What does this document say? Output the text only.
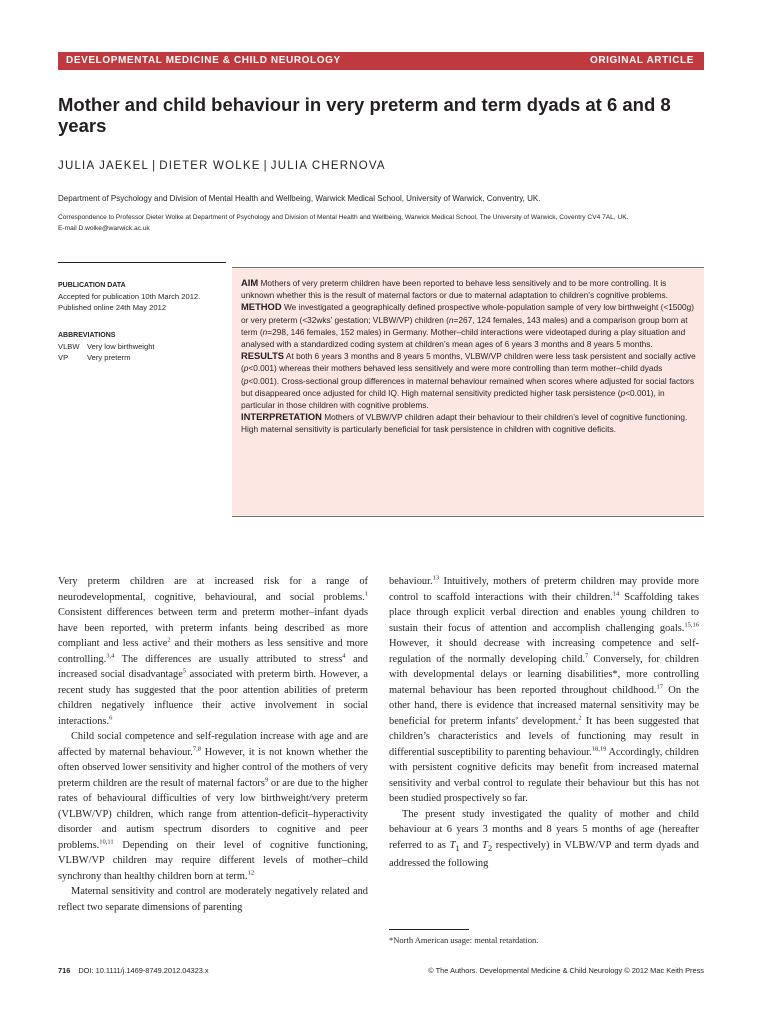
DEVELOPMENTAL MEDICINE & CHILD NEUROLOGY	ORIGINAL ARTICLE
Mother and child behaviour in very preterm and term dyads at 6 and 8 years
JULIA JAEKEL | DIETER WOLKE | JULIA CHERNOVA
Department of Psychology and Division of Mental Health and Wellbeing, Warwick Medical School, University of Warwick, Conventry, UK.
Correspondence to Professor Dieter Wolke at Department of Psychology and Division of Mental Health and Wellbeing, Warwick Medical School, The University of Warwick, Coventry CV4 7AL, UK.
E-mail D.wolke@warwick.ac.uk
PUBLICATION DATA
Accepted for publication 10th March 2012.
Published online 24th May 2012
ABBREVIATIONS
VLBW Very low birthweight
VP Very preterm

AIM Mothers of very preterm children have been reported to behave less sensitively and to be more controlling. It is unknown whether this is the result of maternal factors or due to maternal adaptation to children’s cognitive problems.

METHOD We investigated a geographically defined prospective whole-population sample of very low birthweight (<1500g) or very preterm (<32wks’ gestation; VLBW/VP) children (n=267, 124 females, 143 males) and a comparison group born at term (n=298, 146 females, 152 males) in Germany. Mother–child interactions were videotaped during a play situation and analysed with a standardized coding system at children’s mean ages of 6 years 3 months and 8 years 5 months.

RESULTS At both 6 years 3 months and 8 years 5 months, VLBW/VP children were less task persistent and socially active (p<0.001) whereas their mothers behaved less sensitively and were more controlling than term mother–child dyads (p<0.001). Cross-sectional group differences in maternal behaviour remained when scores where adjusted for social factors but disappeared once adjusted for child IQ. High maternal sensitivity predicted higher task persistence (p<0.001), in particular in those children with cognitive problems.

INTERPRETATION Mothers of VLBW/VP children adapt their behaviour to their children’s level of cognitive functioning. High maternal sensitivity is particularly beneficial for task persistence in children with cognitive deficits.

Very preterm children are at increased risk for a range of neurodevelopmental, cognitive, behavioural, and social problems.$^1$ Consistent differences between term and preterm mother–infant dyads have been reported, with preterm infants being described as more compliant and less active$^2$ and their mothers as less sensitive and more controlling.$^{3,4}$ The differences are usually attributed to stress$^4$ and increased social disadvantage$^5$ associated with preterm birth. However, a recent study has suggested that the poor attention abilities of preterm children negatively influence their active involvement in social interactions.$^6$

Child social competence and self-regulation increase with age and are affected by maternal behaviour.$^{7,8}$ However, it is not known whether the often observed lower sensitivity and higher control of the mothers of very preterm children are the result of maternal factors$^9$ or are due to the higher rates of behavioural difficulties of very low birthweight/very preterm (VLBW/VP) children, which range from attention-deficit–hyperactivity disorder and autism spectrum disorders to cognitive and peer problems.$^{10,11}$ Depending on their level of cognitive functioning, VLBW/VP children may require different levels of mother–child synchrony than healthy children born at term.$^{12}$

Maternal sensitivity and control are moderately negatively related and reflect two separate dimensions of parenting

behaviour.$^{13}$ Intuitively, mothers of preterm children may provide more control to scaffold interactions with their children.$^{14}$ Scaffolding takes place through explicit verbal direction and enables young children to sustain their focus of attention and accomplish challenging goals.$^{15,16}$ However, it should decrease with increasing competence and self-regulation of the normally developing child.$^7$ Conversely, for children with developmental delays or learning disabilities*, more controlling maternal behaviour has been reported throughout childhood.$^{17}$ On the other hand, there is evidence that increased maternal sensitivity may be beneficial for preterm infants’ development.$^2$ It has been suggested that children’s characteristics and levels of functioning may result in differential susceptibility to parenting behaviour.$^{18,19}$ Accordingly, children with persistent cognitive deficits may benefit from increased maternal sensitivity and verbal control to regulate their behaviour but this has not been studied prospectively so far.

The present study investigated the quality of mother and child behaviour at 6 years 3 months and 8 years 5 months of age (hereafter referred to as $T_1$ and $T_2$ respectively) in VLBW/VP and term dyads and addressed the following

*North American usage: mental retardation.
716 DOI: 10.1111/j.1469-8749.2012.04323.x	© The Authors. Developmental Medicine & Child Neurology © 2012 Mac Keith Press
